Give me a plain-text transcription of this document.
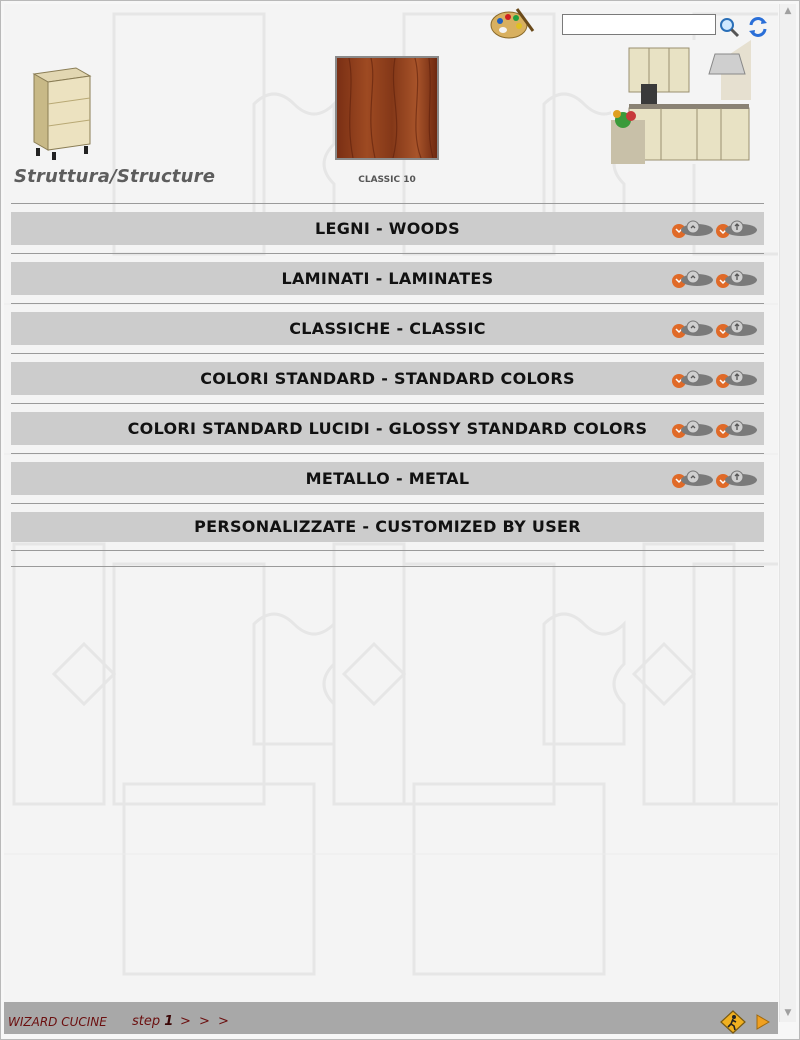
▲
▼
Struttura/Structure	CLASSIC 10
LEGNI - WOODS
LAMINATI - LAMINATES
CLASSICHE - CLASSIC
COLORI STANDARD - STANDARD COLORS
COLORI STANDARD LUCIDI - GLOSSY STANDARD COLORS
METALLO - METAL
PERSONALIZZATE - CUSTOMIZED BY USER
WIZARD CUCINE step 1 > > >
